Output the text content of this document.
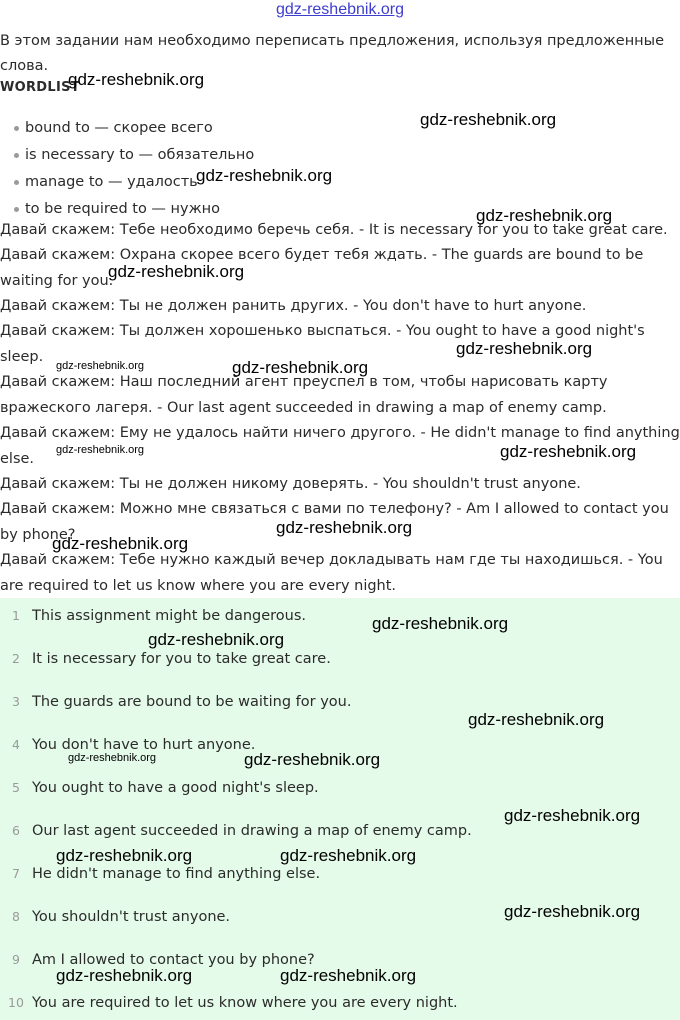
gdz-reshebnik.org
В этом задании нам необходимо переписать предложения, используя предложенные слова.
WORDLIST
bound to — скорее всего
is necessary to — обязательно
manage to — удалость
to be required to — нужно
Давай скажем: Тебе необходимо беречь себя. - It is necessary for you to take great care.
Давай скажем: Охрана скорее всего будет тебя ждать. - The guards are bound to be waiting for you.
Давай скажем: Ты не должен ранить других. - You don't have to hurt anyone.
Давай скажем: Ты должен хорошенько выспаться. - You ought to have a good night's sleep.
Давай скажем: Наш последний агент преуспел в том, чтобы нарисовать карту вражеского лагеря. - Our last agent succeeded in drawing a map of enemy camp.
Давай скажем: Ему не удалось найти ничего другого. - He didn't manage to find anything else.
Давай скажем: Ты не должен никому доверять. - You shouldn't trust anyone.
Давай скажем: Можно мне связаться с вами по телефону? - Am I allowed to contact you by phone?
Давай скажем: Тебе нужно каждый вечер докладывать нам где ты находишься. - You are required to let us know where you are every night.
1 This assignment might be dangerous.
2 It is necessary for you to take great care.
3 The guards are bound to be waiting for you.
4 You don't have to hurt anyone.
5 You ought to have a good night's sleep.
6 Our last agent succeeded in drawing a map of enemy camp.
7 He didn't manage to find anything else.
8 You shouldn't trust anyone.
9 Am I allowed to contact you by phone?
10 You are required to let us know where you are every night.
gdz-reshebnik.org
gdz-reshebnik.org
gdz-reshebnik.org
gdz-reshebnik.org
gdz-reshebnik.org
gdz-reshebnik.org
gdz-reshebnik.org	gdz-reshebnik.org
gdz-reshebnik.org	gdz-reshebnik.org
gdz-reshebnik.org
gdz-reshebnik.org
gdz-reshebnik.org
gdz-reshebnik.org
gdz-reshebnik.org
gdz-reshebnik.org	gdz-reshebnik.org
gdz-reshebnik.org
gdz-reshebnik.org	gdz-reshebnik.org
gdz-reshebnik.org
gdz-reshebnik.org	gdz-reshebnik.org
